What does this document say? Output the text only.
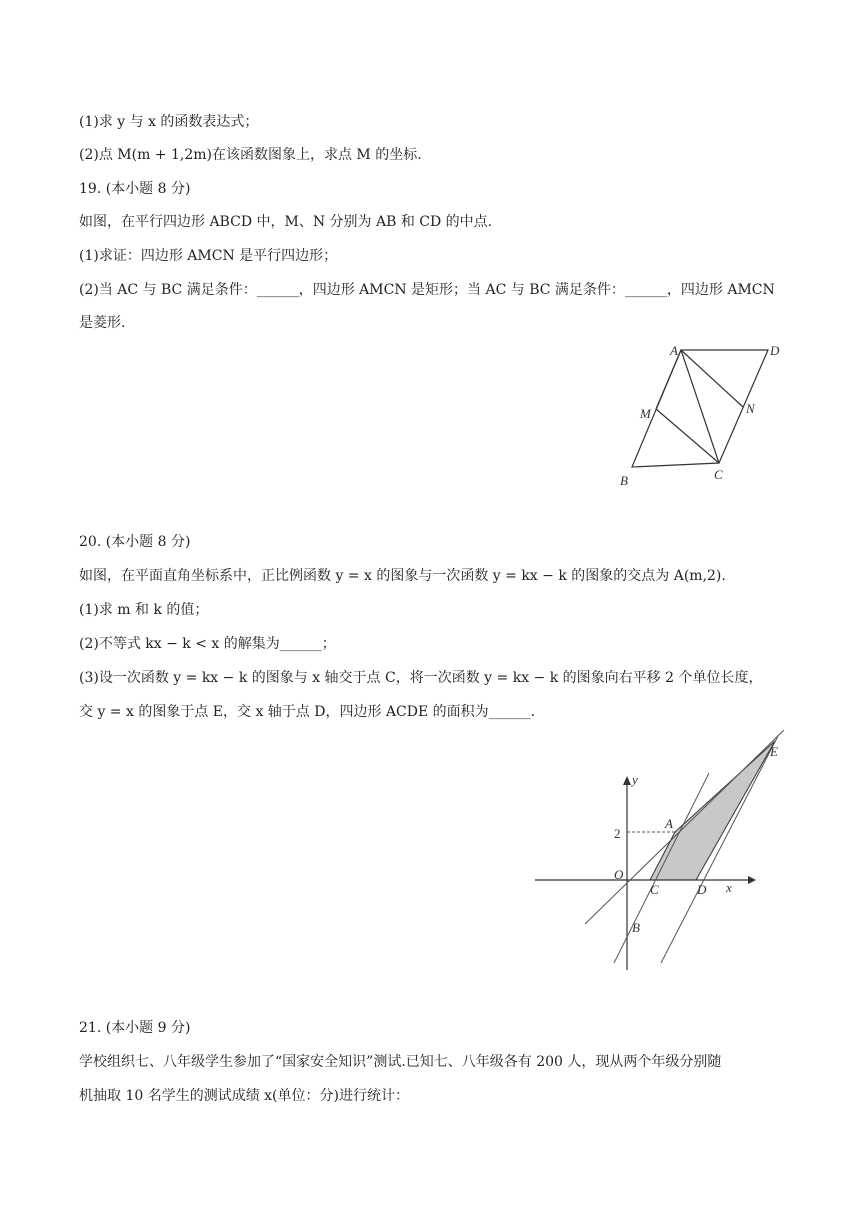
(1)求 y 与 x 的函数表达式；
(2)点 M(m + 1,2m)在该函数图象上，求点 M 的坐标.
19. (本小题 8 分)
如图，在平行四边形 ABCD 中，M、N 分别为 AB 和 CD 的中点.
(1)求证：四边形 AMCN 是平行四边形；
(2)当 AC 与 BC 满足条件：______，四边形 AMCN 是矩形；当 AC 与 BC 满足条件：______，四边形 AMCN
是菱形.
A	D
M	N
B	C
20. (本小题 8 分)
如图，在平面直角坐标系中，正比例函数 y = x 的图象与一次函数 y = kx − k 的图象的交点为 A(m,2).
(1)求 m 和 k 的值；
(2)不等式 kx − k < x 的解集为______；
(3)设一次函数 y = kx − k 的图象与 x 轴交于点 C，将一次函数 y = kx − k 的图象向右平移 2 个单位长度，
交 y = x 的图象于点 E，交 x 轴于点 D，四边形 ACDE 的面积为______.
y
x
2
O
A
C	D
B
E
21. (本小题 9 分)
学校组织七、八年级学生参加了“国家安全知识”测试.已知七、八年级各有 200 人，现从两个年级分别随
机抽取 10 名学生的测试成绩 x(单位：分)进行统计：
